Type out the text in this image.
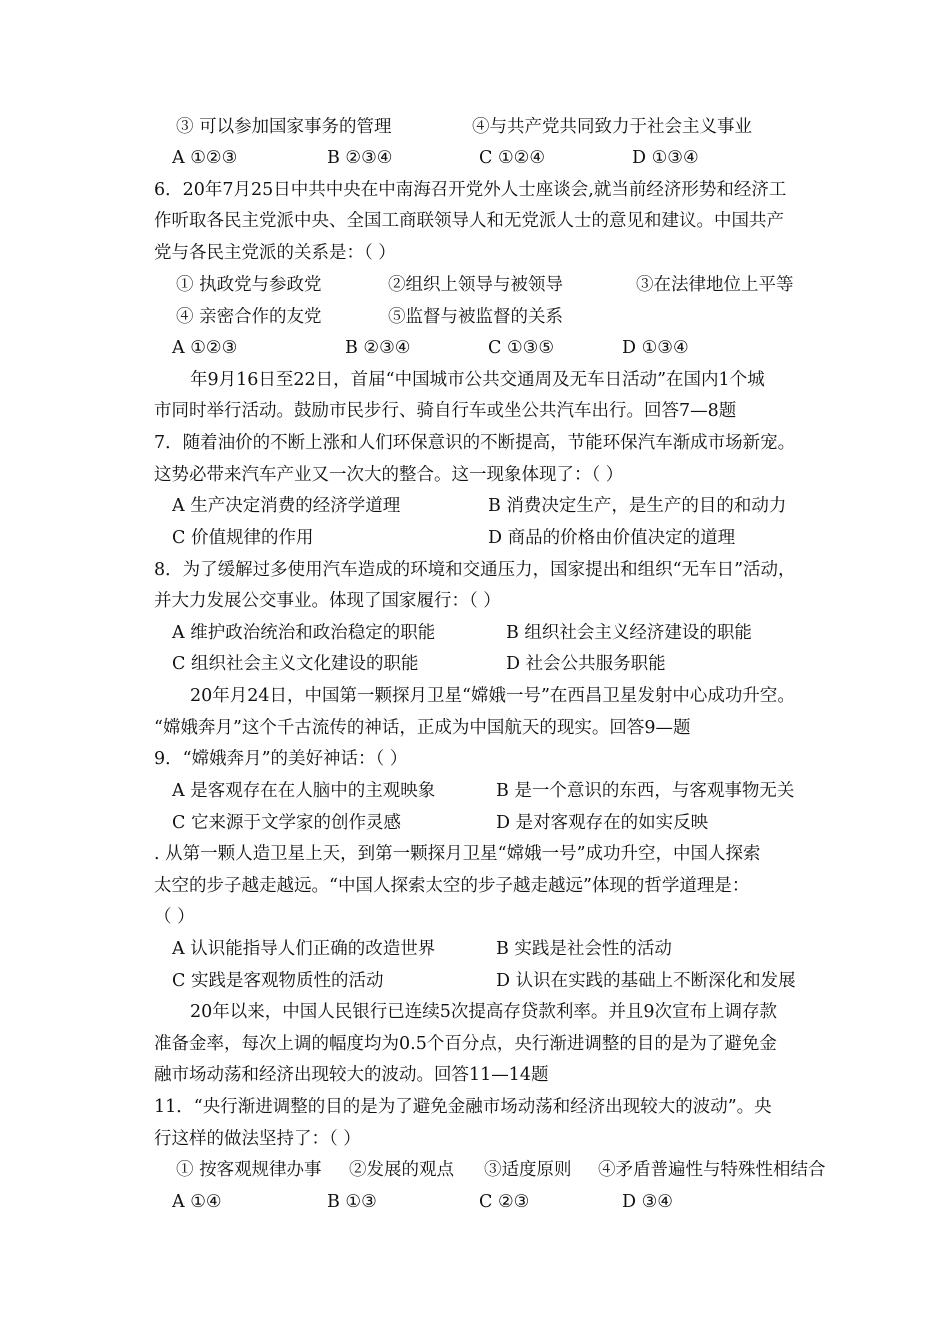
③ 可以参加国家事务的管理	④与共产党共同致力于社会主义事业
A ①②③	B ②③④	C ①②④	D ①③④
6．20年7月25日中共中央在中南海召开党外人士座谈会,就当前经济形势和经济工
作听取各民主党派中央、全国工商联领导人和无党派人士的意见和建议。中国共产
党与各民主党派的关系是：（ ）
① 执政党与参政党	②组织上领导与被领导	③在法律地位上平等
④ 亲密合作的友党	⑤监督与被监督的关系
A ①②③	B ②③④	C ①③⑤	D ①③④
年9月16日至22日，首届“中国城市公共交通周及无车日活动”在国内1个城
市同时举行活动。鼓励市民步行、骑自行车或坐公共汽车出行。回答7—8题
7．随着油价的不断上涨和人们环保意识的不断提高，节能环保汽车渐成市场新宠。
这势必带来汽车产业又一次大的整合。这一现象体现了：（ ）
A 生产决定消费的经济学道理	B 消费决定生产，是生产的目的和动力
C 价值规律的作用	D 商品的价格由价值决定的道理
8．为了缓解过多使用汽车造成的环境和交通压力，国家提出和组织“无车日”活动，
并大力发展公交事业。体现了国家履行：（ ）
A 维护政治统治和政治稳定的职能	B 组织社会主义经济建设的职能
C 组织社会主义文化建设的职能	D 社会公共服务职能
20年月24日，中国第一颗探月卫星“嫦娥一号”在西昌卫星发射中心成功升空。
“嫦娥奔月”这个千古流传的神话，正成为中国航天的现实。回答9—题
9．“嫦娥奔月”的美好神话：（ ）
A 是客观存在在人脑中的主观映象	B 是一个意识的东西，与客观事物无关
C 它来源于文学家的创作灵感	D 是对客观存在的如实反映
. 从第一颗人造卫星上天，到第一颗探月卫星“嫦娥一号”成功升空，中国人探索
太空的步子越走越远。“中国人探索太空的步子越走越远”体现的哲学道理是：
（ ）
A 认识能指导人们正确的改造世界	B 实践是社会性的活动
C 实践是客观物质性的活动	D 认识在实践的基础上不断深化和发展
20年以来，中国人民银行已连续5次提高存贷款利率。并且9次宣布上调存款
准备金率，每次上调的幅度均为0.5个百分点，央行渐进调整的目的是为了避免金
融市场动荡和经济出现较大的波动。回答11—14题
11．“央行渐进调整的目的是为了避免金融市场动荡和经济出现较大的波动”。央
行这样的做法坚持了：（ ）
① 按客观规律办事 ②发展的观点 ③适度原则 ④矛盾普遍性与特殊性相结合
A ①④	B ①③	C ②③	D ③④
